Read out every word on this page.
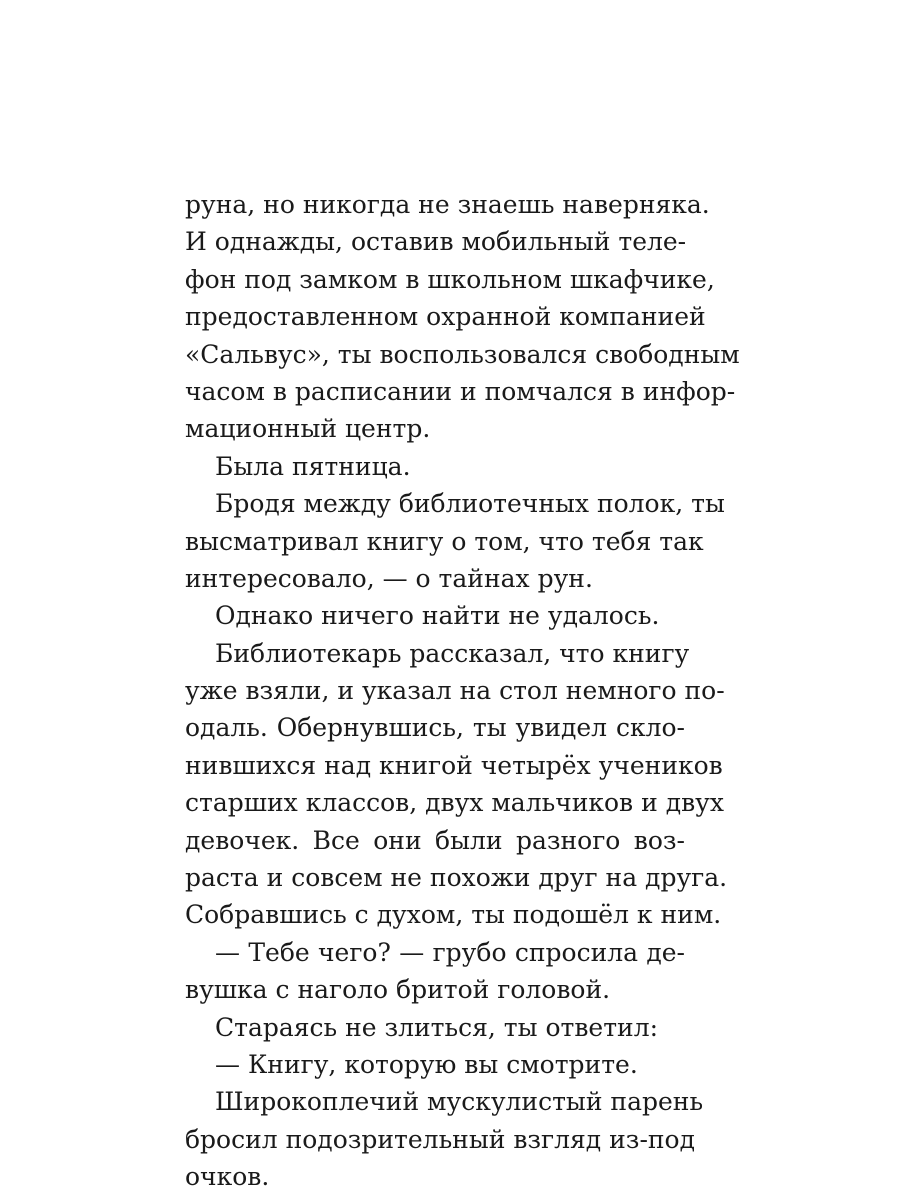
руна, но никогда не знаешь наверняка.
И однажды, оставив мобильный теле-
фон под замком в школьном шкафчике,
предоставленном охранной компанией
«Сальвус», ты воспользовался свободным
часом в расписании и помчался в инфор-
мационный центр.
Была пятница.
Бродя между библиотечных полок, ты
высматривал книгу о том, что тебя так
интересовало, — о тайнах рун.
Однако ничего найти не удалось.
Библиотекарь рассказал, что книгу
уже взяли, и указал на стол немного по-
одаль. Обернувшись, ты увидел скло-
нившихся над книгой четырёх учеников
старших классов, двух мальчиков и двух
девочек. Все они были разного воз-
раста и совсем не похожи друг на друга.
Собравшись с духом, ты подошёл к ним.
— Тебе чего? — грубо спросила де-
вушка с наголо бритой головой.
Стараясь не злиться, ты ответил:
— Книгу, которую вы смотрите.
Широкоплечий мускулистый парень
бросил подозрительный взгляд из-под
очков.
